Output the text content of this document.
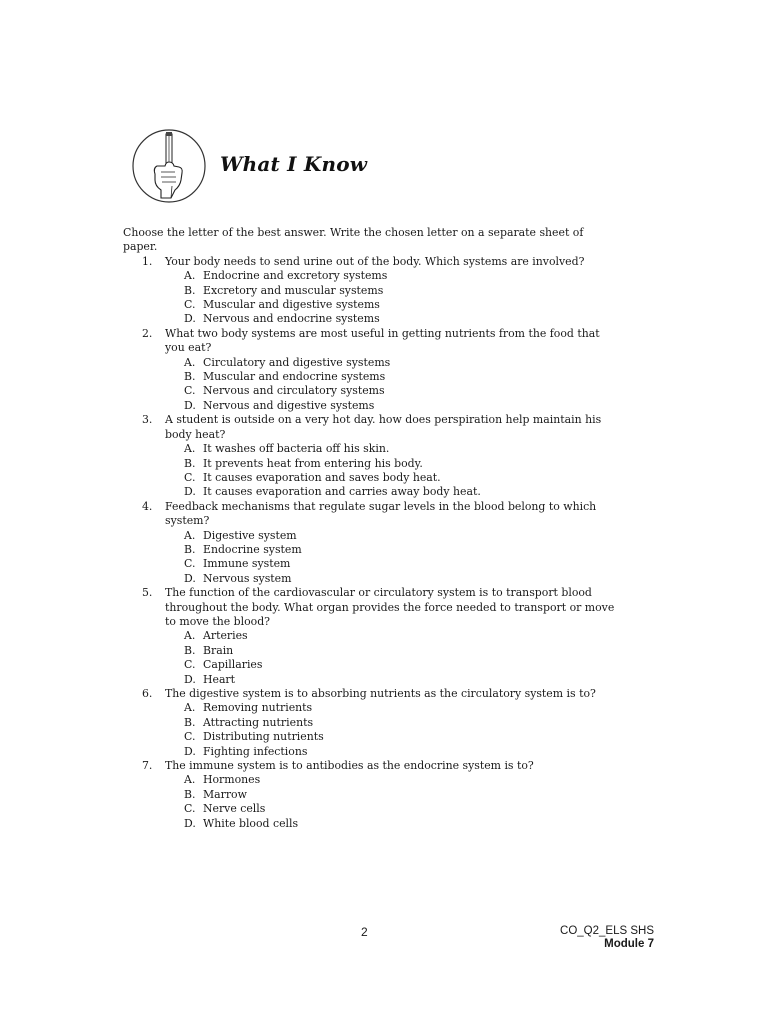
What I Know

Choose the letter of the best answer. Write the chosen letter on a separate sheet of paper.

1. Your body needs to send urine out of the body. Which systems are involved?
A. Endocrine and excretory systems
B. Excretory and muscular systems
C. Muscular and digestive systems
D. Nervous and endocrine systems
2. What two body systems are most useful in getting nutrients from the food that you eat?
A. Circulatory and digestive systems
B. Muscular and endocrine systems
C. Nervous and circulatory systems
D. Nervous and digestive systems
3. A student is outside on a very hot day. how does perspiration help maintain his body heat?
A. It washes off bacteria off his skin.
B. It prevents heat from entering his body.
C. It causes evaporation and saves body heat.
D. It causes evaporation and carries away body heat.
4. Feedback mechanisms that regulate sugar levels in the blood belong to which system?
A. Digestive system
B. Endocrine system
C. Immune system
D. Nervous system
5. The function of the cardiovascular or circulatory system is to transport blood throughout the body. What organ provides the force needed to transport or move to move the blood?
A. Arteries
B. Brain
C. Capillaries
D. Heart
6. The digestive system is to absorbing nutrients as the circulatory system is to?
A. Removing nutrients
B. Attracting nutrients
C. Distributing nutrients
D. Fighting infections
7. The immune system is to antibodies as the endocrine system is to?
A. Hormones
B. Marrow
C. Nerve cells
D. White blood cells
2	CO_Q2_ELS SHS
Module 7
